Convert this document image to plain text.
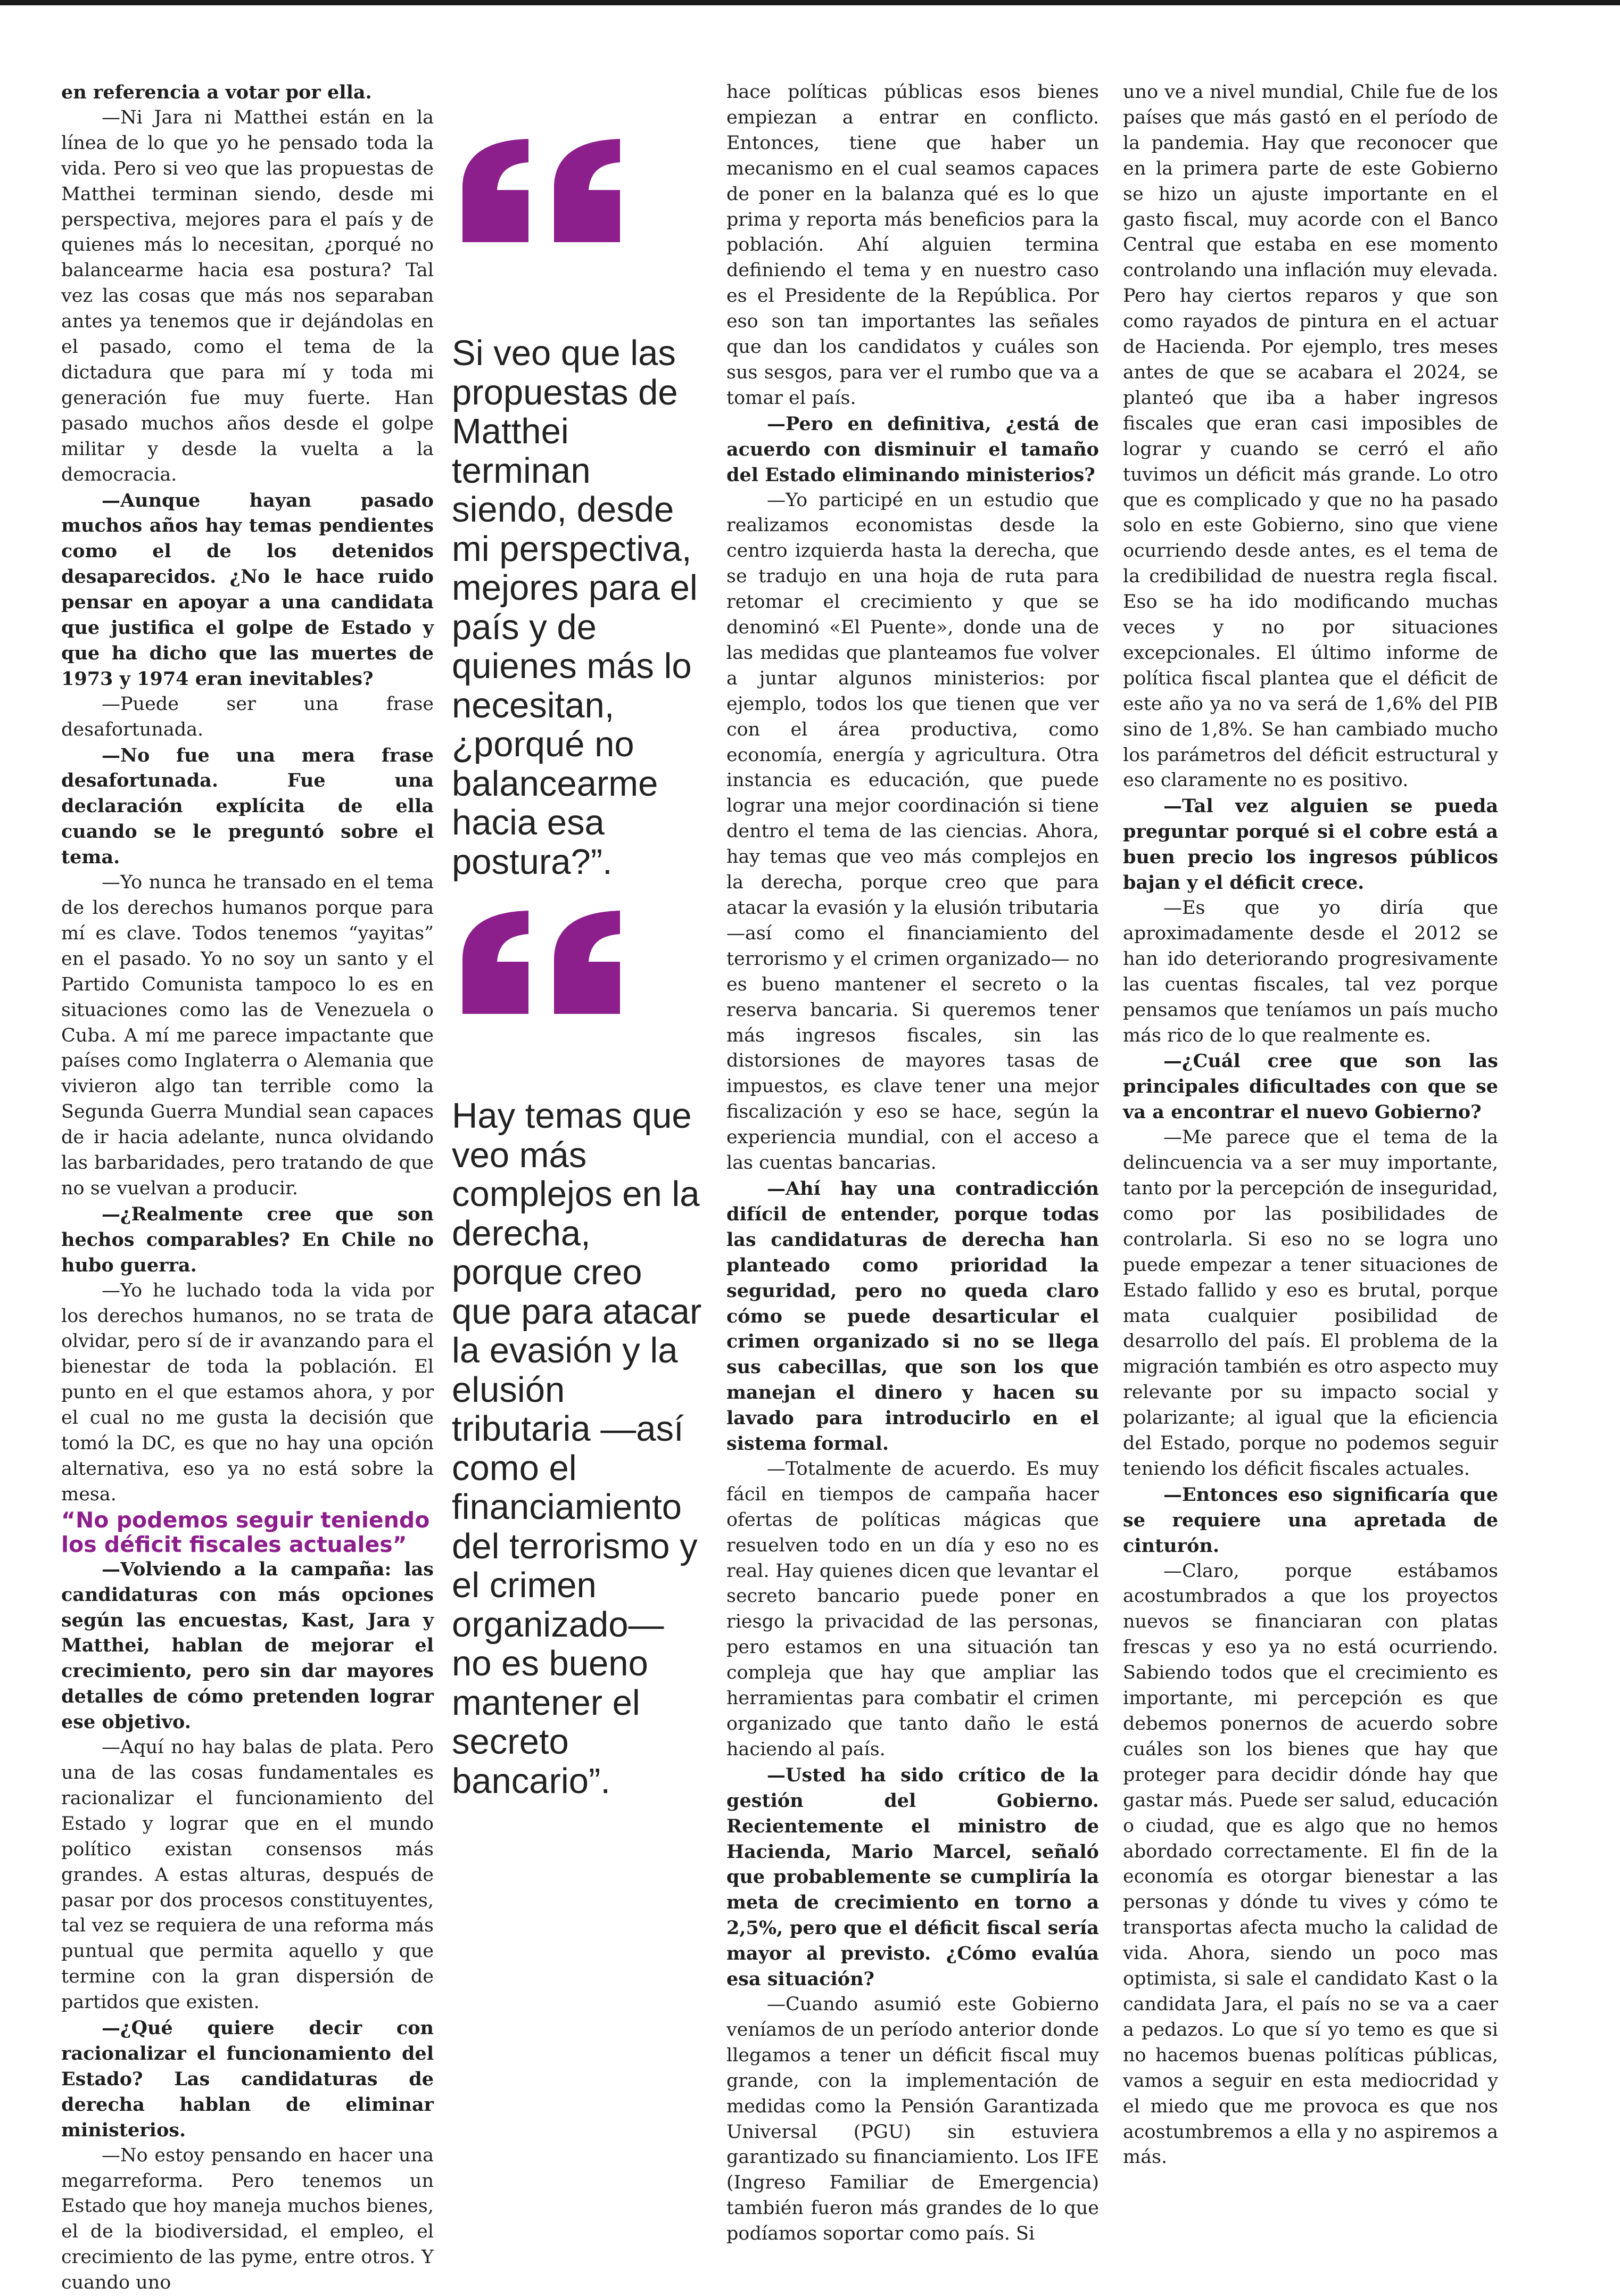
en referencia a votar por ella.

—Ni Jara ni Matthei están en la línea de lo que yo he pensado toda la vida. Pero si veo que las propuestas de Matthei terminan siendo, desde mi perspectiva, mejores para el país y de quienes más lo necesitan, ¿porqué no balancearme hacia esa postura? Tal vez las cosas que más nos separaban antes ya tenemos que ir dejándolas en el pasado, como el tema de la dictadura que para mí y toda mi generación fue muy fuerte. Han pasado muchos años desde el golpe militar y desde la vuelta a la democracia.

—Aunque hayan pasado muchos años hay temas pendientes como el de los detenidos desaparecidos. ¿No le hace ruido pensar en apoyar a una candidata que justifica el golpe de Estado y que ha dicho que las muertes de 1973 y 1974 eran inevitables?

—Puede ser una frase desafortunada.

—No fue una mera frase desafortunada. Fue una declaración explícita de ella cuando se le preguntó sobre el tema.

—Yo nunca he transado en el tema de los derechos humanos porque para mí es clave. Todos tenemos “yayitas” en el pasado. Yo no soy un santo y el Partido Comunista tampoco lo es en situaciones como las de Venezuela o Cuba. A mí me parece impactante que países como Inglaterra o Alemania que vivieron algo tan terrible como la Segunda Guerra Mundial sean capaces de ir hacia adelante, nunca olvidando las barbaridades, pero tratando de que no se vuelvan a producir.

—¿Realmente cree que son hechos comparables? En Chile no hubo guerra.

—Yo he luchado toda la vida por los derechos humanos, no se trata de olvidar, pero sí de ir avanzando para el bienestar de toda la población. El punto en el que estamos ahora, y por el cual no me gusta la decisión que tomó la DC, es que no hay una opción alternativa, eso ya no está sobre la mesa.

“No podemos seguir teniendo los déficit fiscales actuales”

—Volviendo a la campaña: las candidaturas con más opciones según las encuestas, Kast, Jara y Matthei, hablan de mejorar el crecimiento, pero sin dar mayores detalles de cómo pretenden lograr ese objetivo.

—Aquí no hay balas de plata. Pero una de las cosas fundamentales es racionalizar el funcionamiento del Estado y lograr que en el mundo político existan consensos más grandes. A estas alturas, después de pasar por dos procesos constituyentes, tal vez se requiera de una reforma más puntual que permita aquello y que termine con la gran dispersión de partidos que existen.

—¿Qué quiere decir con racionalizar el funcionamiento del Estado? Las candidaturas de derecha hablan de eliminar ministerios.

—No estoy pensando en hacer una megarreforma. Pero tenemos un Estado que hoy maneja muchos bienes, el de la biodiversidad, el empleo, el crecimiento de las pyme, entre otros. Y cuando uno

Si veo que las propuestas de Matthei terminan siendo, desde mi perspectiva, mejores para el país y de quienes más lo necesitan, ¿porqué no balancearme hacia esa postura?”.
Hay temas que veo más complejos en la derecha, porque creo que para atacar la evasión y la elusión tributaria —así como el financiamiento del terrorismo y el crimen organizado— no es bueno mantener el secreto bancario”.

hace políticas públicas esos bienes empiezan a entrar en conflicto. Entonces, tiene que haber un mecanismo en el cual seamos capaces de poner en la balanza qué es lo que prima y reporta más beneficios para la población. Ahí alguien termina definiendo el tema y en nuestro caso es el Presidente de la República. Por eso son tan importantes las señales que dan los candidatos y cuáles son sus sesgos, para ver el rumbo que va a tomar el país.

—Pero en definitiva, ¿está de acuerdo con disminuir el tamaño del Estado eliminando ministerios?

—Yo participé en un estudio que realizamos economistas desde la centro izquierda hasta la derecha, que se tradujo en una hoja de ruta para retomar el crecimiento y que se denominó «El Puente», donde una de las medidas que planteamos fue volver a juntar algunos ministerios: por ejemplo, todos los que tienen que ver con el área productiva, como economía, energía y agricultura. Otra instancia es educación, que puede lograr una mejor coordinación si tiene dentro el tema de las ciencias. Ahora, hay temas que veo más complejos en la derecha, porque creo que para atacar la evasión y la elusión tributaria —así como el financiamiento del terrorismo y el crimen organizado— no es bueno mantener el secreto o la reserva bancaria. Si queremos tener más ingresos fiscales, sin las distorsiones de mayores tasas de impuestos, es clave tener una mejor fiscalización y eso se hace, según la experiencia mundial, con el acceso a las cuentas bancarias.

—Ahí hay una contradicción difícil de entender, porque todas las candidaturas de derecha han planteado como prioridad la seguridad, pero no queda claro cómo se puede desarticular el crimen organizado si no se llega sus cabecillas, que son los que manejan el dinero y hacen su lavado para introducirlo en el sistema formal.

—Totalmente de acuerdo. Es muy fácil en tiempos de campaña hacer ofertas de políticas mágicas que resuelven todo en un día y eso no es real. Hay quienes dicen que levantar el secreto bancario puede poner en riesgo la privacidad de las personas, pero estamos en una situación tan compleja que hay que ampliar las herramientas para combatir el crimen organizado que tanto daño le está haciendo al país.

—Usted ha sido crítico de la gestión del Gobierno. Recientemente el ministro de Hacienda, Mario Marcel, señaló que probablemente se cumpliría la meta de crecimiento en torno a 2,5%, pero que el déficit fiscal sería mayor al previsto. ¿Cómo evalúa esa situación?

—Cuando asumió este Gobierno veníamos de un período anterior donde llegamos a tener un déficit fiscal muy grande, con la implementación de medidas como la Pensión Garantizada Universal (PGU) sin estuviera garantizado su financiamiento. Los IFE (Ingreso Familiar de Emergencia) también fueron más grandes de lo que podíamos soportar como país. Si

uno ve a nivel mundial, Chile fue de los países que más gastó en el período de la pandemia. Hay que reconocer que en la primera parte de este Gobierno se hizo un ajuste importante en el gasto fiscal, muy acorde con el Banco Central que estaba en ese momento controlando una inflación muy elevada. Pero hay ciertos reparos y que son como rayados de pintura en el actuar de Hacienda. Por ejemplo, tres meses antes de que se acabara el 2024, se planteó que iba a haber ingresos fiscales que eran casi imposibles de lograr y cuando se cerró el año tuvimos un déficit más grande. Lo otro que es complicado y que no ha pasado solo en este Gobierno, sino que viene ocurriendo desde antes, es el tema de la credibilidad de nuestra regla fiscal. Eso se ha ido modificando muchas veces y no por situaciones excepcionales. El último informe de política fiscal plantea que el déficit de este año ya no va será de 1,6% del PIB sino de 1,8%. Se han cambiado mucho los parámetros del déficit estructural y eso claramente no es positivo.

—Tal vez alguien se pueda preguntar porqué si el cobre está a buen precio los ingresos públicos bajan y el déficit crece.

—Es que yo diría que aproximadamente desde el 2012 se han ido deteriorando progresivamente las cuentas fiscales, tal vez porque pensamos que teníamos un país mucho más rico de lo que realmente es.

—¿Cuál cree que son las principales dificultades con que se va a encontrar el nuevo Gobierno?

—Me parece que el tema de la delincuencia va a ser muy importante, tanto por la percepción de inseguridad, como por las posibilidades de controlarla. Si eso no se logra uno puede empezar a tener situaciones de Estado fallido y eso es brutal, porque mata cualquier posibilidad de desarrollo del país. El problema de la migración también es otro aspecto muy relevante por su impacto social y polarizante; al igual que la eficiencia del Estado, porque no podemos seguir teniendo los déficit fiscales actuales.

—Entonces eso significaría que se requiere una apretada de cinturón.

—Claro, porque estábamos acostumbrados a que los proyectos nuevos se financiaran con platas frescas y eso ya no está ocurriendo. Sabiendo todos que el crecimiento es importante, mi percepción es que debemos ponernos de acuerdo sobre cuáles son los bienes que hay que proteger para decidir dónde hay que gastar más. Puede ser salud, educación o ciudad, que es algo que no hemos abordado correctamente. El fin de la economía es otorgar bienestar a las personas y dónde tu vives y cómo te transportas afecta mucho la calidad de vida. Ahora, siendo un poco mas optimista, si sale el candidato Kast o la candidata Jara, el país no se va a caer a pedazos. Lo que sí yo temo es que si no hacemos buenas políticas públicas, vamos a seguir en esta mediocridad y el miedo que me provoca es que nos acostumbremos a ella y no aspiremos a más.
